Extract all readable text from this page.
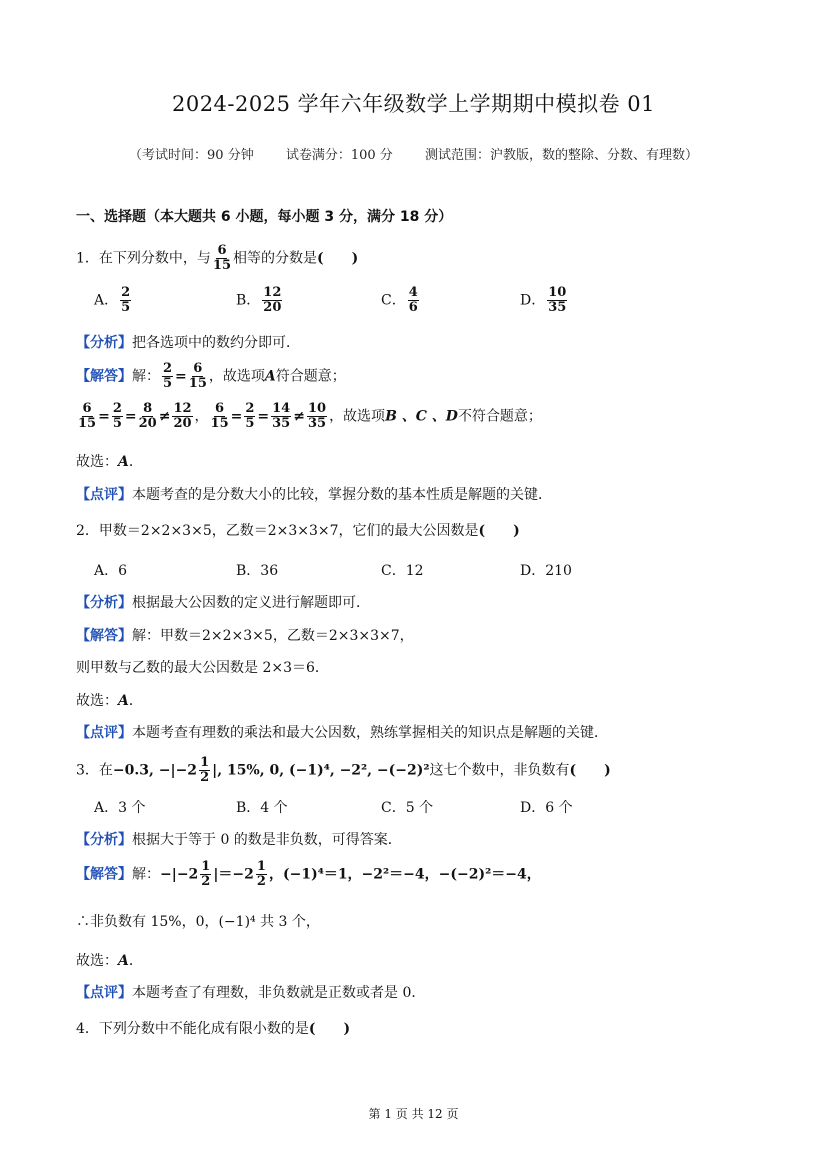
2024-2025 学年六年级数学上学期期中模拟卷 01
（考试时间：90 分钟 试卷满分：100 分 测试范围：沪教版，数的整除、分数、有理数）
一、选择题（本大题共 6 小题，每小题 3 分，满分 18 分）
1．在下列分数中，与 $\frac{6}{15}$ 相等的分数是(　　)
A． $\frac{2}{5}$	B． $\frac{12}{20}$	C． $\frac{4}{6}$	D． $\frac{10}{35}$
【分析】把各选项中的数约分即可．
【解答】解： $\frac{2}{5} = \frac{6}{15}$ ，故选项A符合题意；
$\frac{6}{15} = \frac{2}{5} = \frac{8}{20} \ne \frac{12}{20}$ ， $\frac{6}{15} = \frac{2}{5} = \frac{14}{35} \ne \frac{10}{35}$ ，故选项B 、C 、D不符合题意；
故选：A．
【点评】本题考查的是分数大小的比较，掌握分数的基本性质是解题的关键．
2．甲数＝2×2×3×5，乙数＝2×3×3×7，它们的最大公因数是(　　)
A．6	B．36	C．12	D．210
【分析】根据最大公因数的定义进行解题即可．
【解答】解：甲数＝2×2×3×5，乙数＝2×3×3×7，
则甲数与乙数的最大公因数是 2×3＝6．
故选：A．
【点评】本题考查有理数的乘法和最大公因数，熟练掌握相关的知识点是解题的关键．
3．在−0.3, $-|-2 \frac{1}{2}$ |, 15%, 0, (−1)⁴, −2², −(−2)²这七个数中，非负数有(　　)
A．3 个	B．4 个	C．5 个	D．6 个
【分析】根据大于等于 0 的数是非负数，可得答案．
【解答】解：$-|-2 \frac{1}{2} |=-2 \frac{1}{2}$ ，(−1)⁴＝1，−2²＝−4，−(−2)²＝−4，
∴非负数有 15%，0，(−1)⁴ 共 3 个，
故选：A．
【点评】本题考查了有理数，非负数就是正数或者是 0．
4．下列分数中不能化成有限小数的是(　　)
第 1 页 共 12 页
